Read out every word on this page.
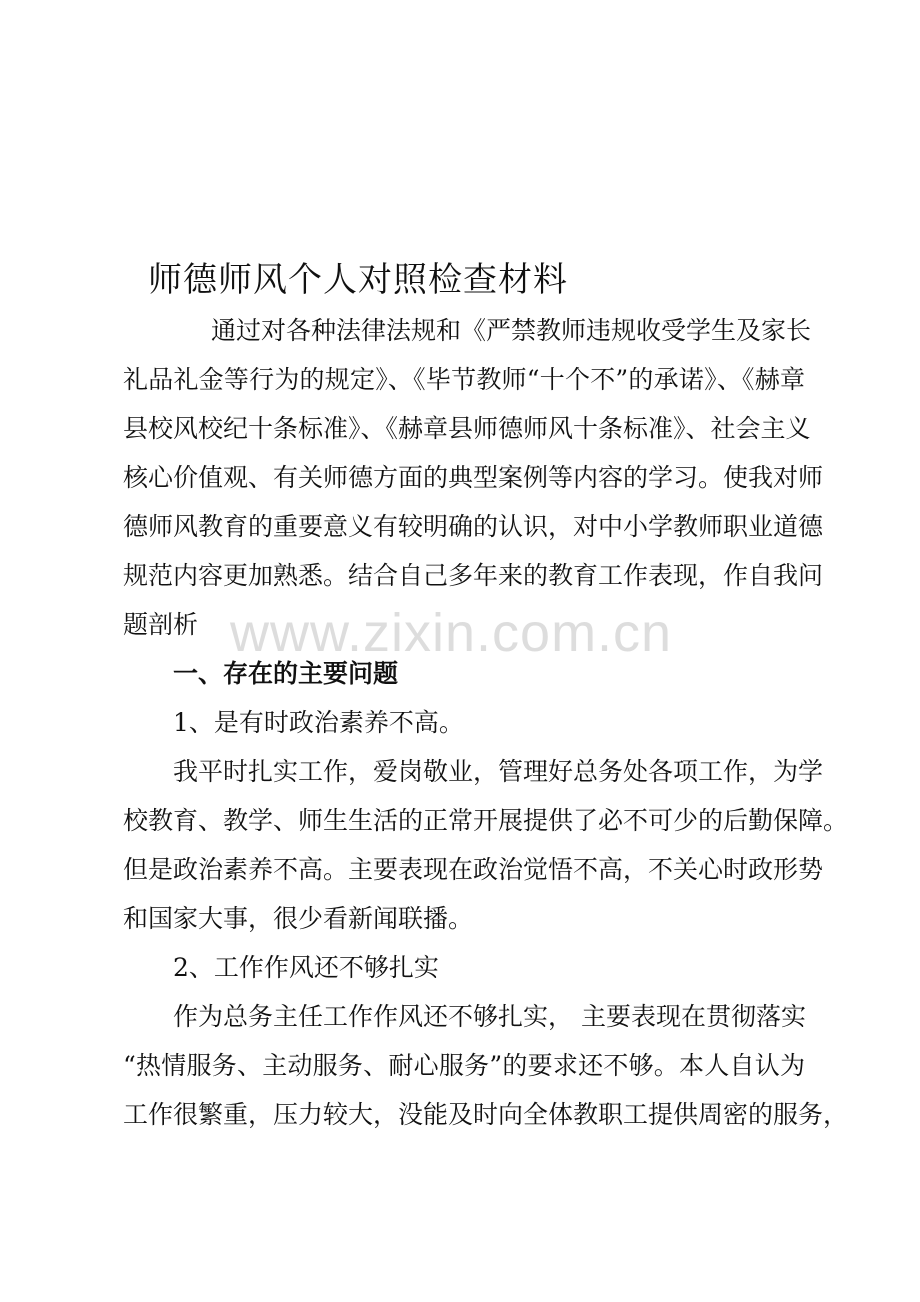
师德师风个人对照检查材料
通过对各种法律法规和《严禁教师违规收受学生及家长
礼品礼金等行为的规定》、《毕节教师“十个不”的承诺》、《赫章
县校风校纪十条标准》、《赫章县师德师风十条标准》、社会主义
核心价值观、有关师德方面的典型案例等内容的学习。使我对师
德师风教育的重要意义有较明确的认识，对中小学教师职业道德
规范内容更加熟悉。结合自己多年来的教育工作表现，作自我问
题剖析
一、存在的主要问题
1、是有时政治素养不高。
我平时扎实工作，爱岗敬业，管理好总务处各项工作，为学
校教育、教学、师生生活的正常开展提供了必不可少的后勤保障。
但是政治素养不高。主要表现在政治觉悟不高，不关心时政形势
和国家大事，很少看新闻联播。
2、工作作风还不够扎实
作为总务主任工作作风还不够扎实， 主要表现在贯彻落实
“热情服务、主动服务、耐心服务”的要求还不够。本人自认为
工作很繁重，压力较大，没能及时向全体教职工提供周密的服务，
www.zixin.com.cn
